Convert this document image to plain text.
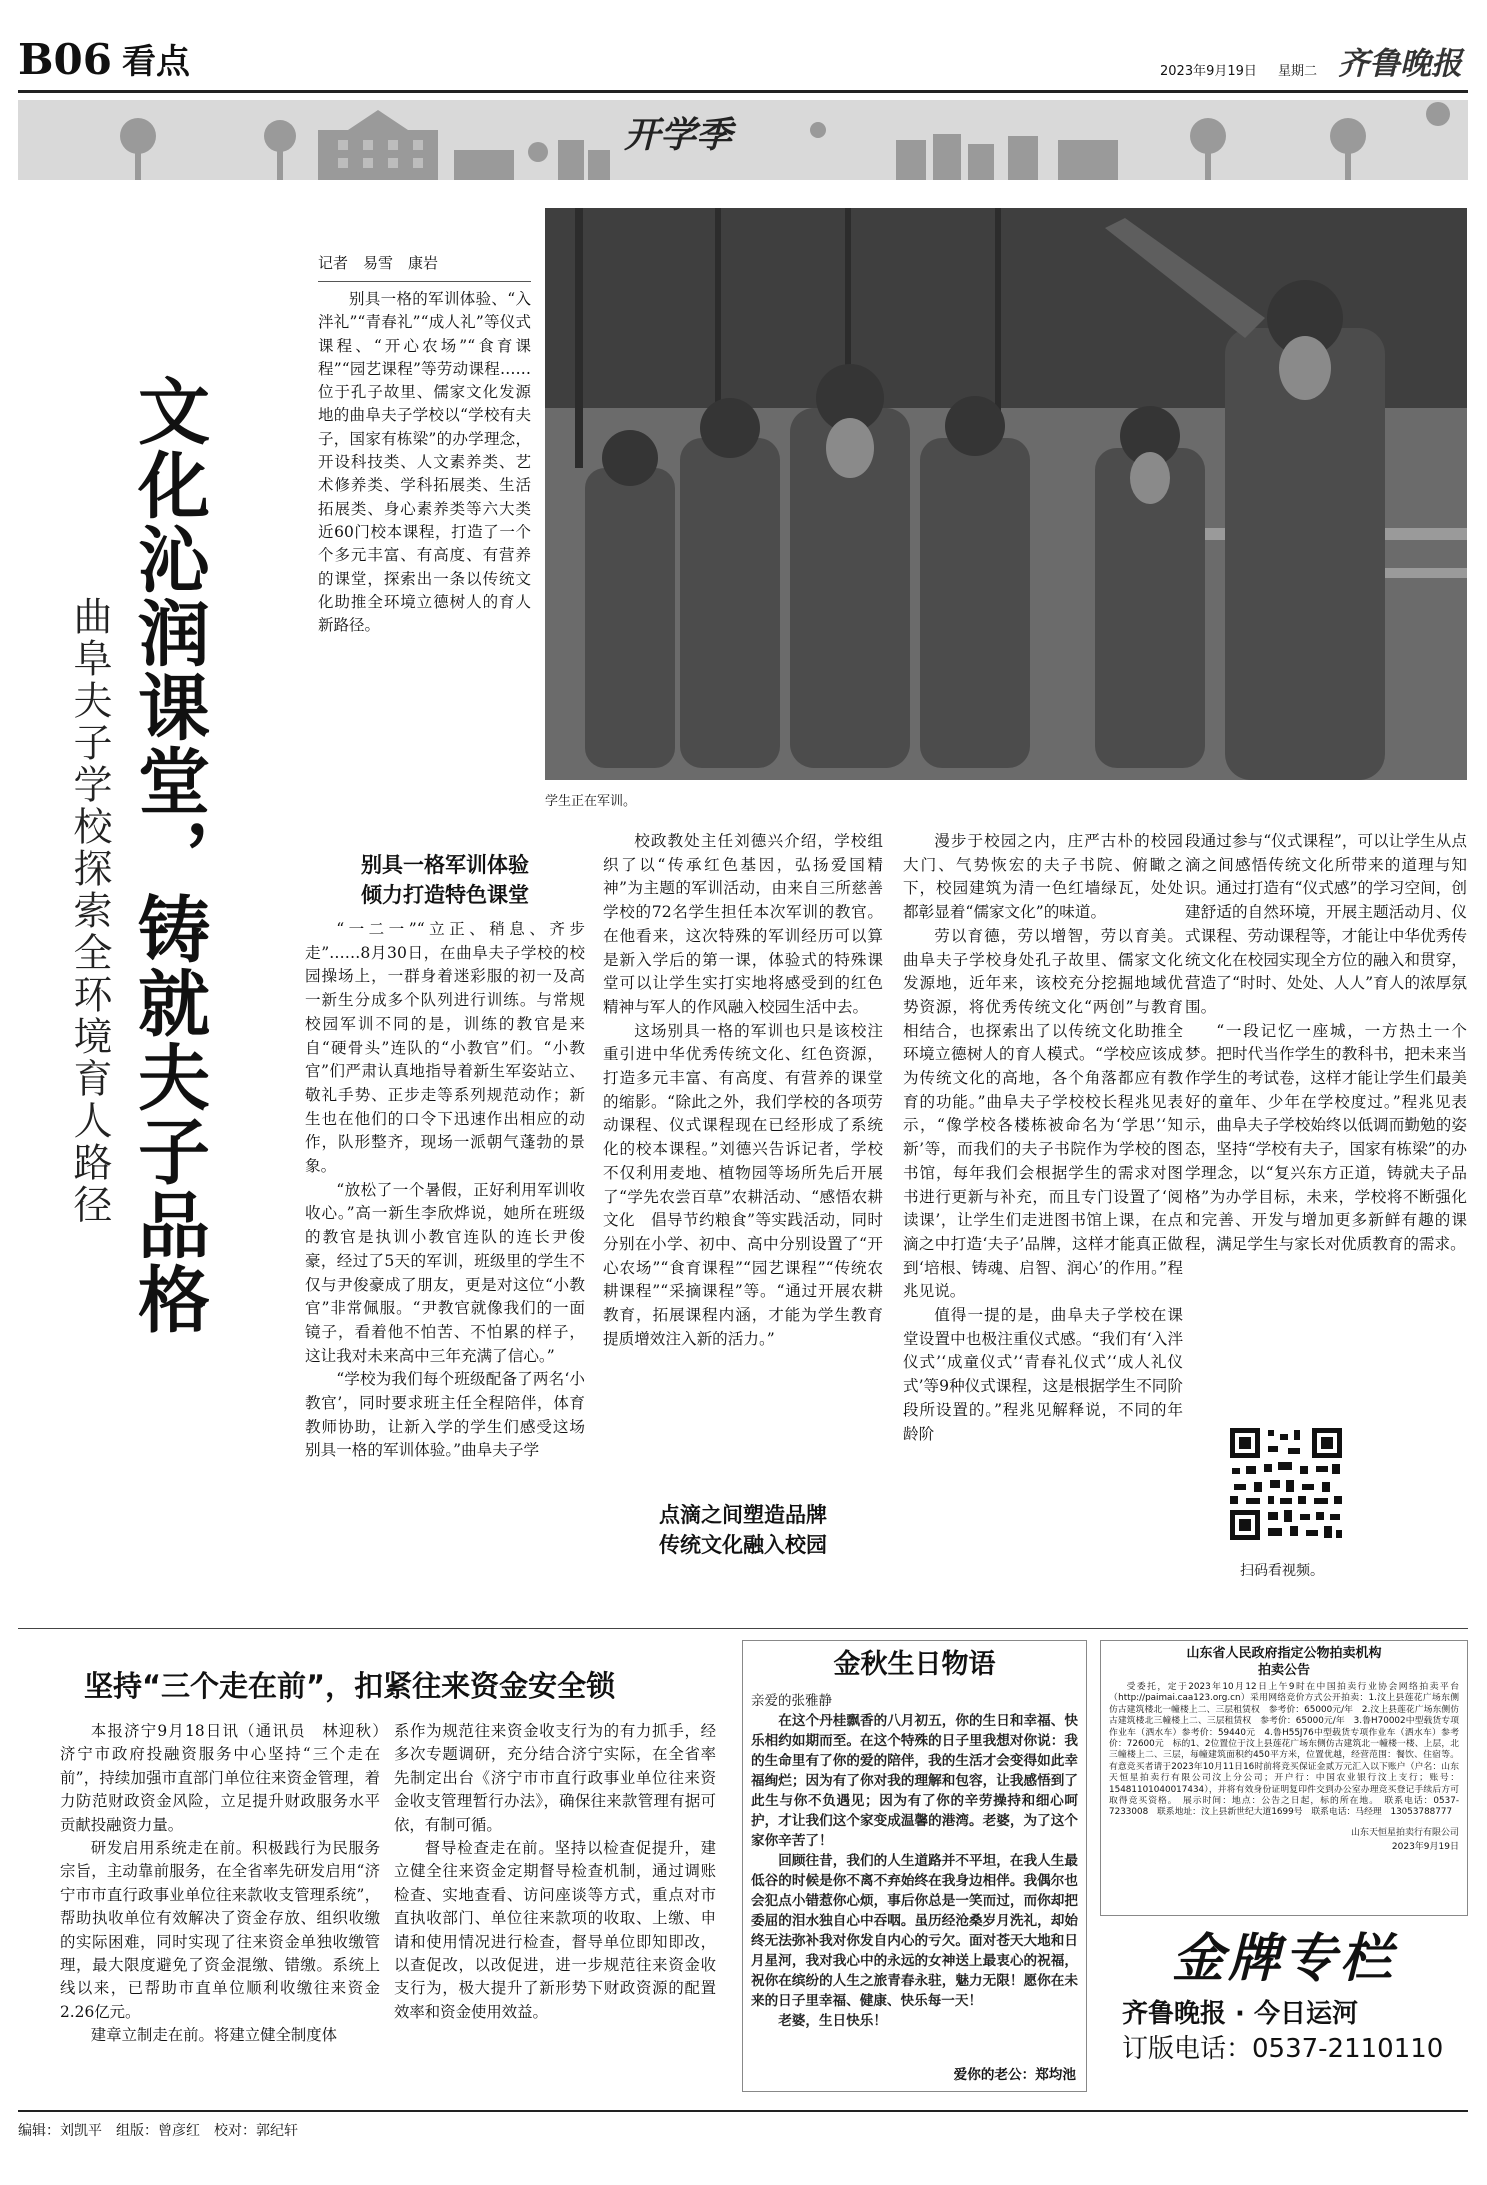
B06 看点	2023年9月19日 星期二 齐鲁晚报
开学季
文化沁润课堂，铸就夫子品格
曲阜夫子学校探索全环境育人路径
记者　易雪　康岩

别具一格的军训体验、“入泮礼”“青春礼”“成人礼”等仪式课程、“开心农场”“食育课程”“园艺课程”等劳动课程……位于孔子故里、儒家文化发源地的曲阜夫子学校以“学校有夫子，国家有栋梁”的办学理念，开设科技类、人文素养类、艺术修养类、学科拓展类、生活拓展类、身心素养类等六大类近60门校本课程，打造了一个个多元丰富、有高度、有营养的课堂，探索出一条以传统文化助推全环境立德树人的育人新路径。

学生正在军训。
别具一格军训体验
倾力打造特色课堂

“一二一”“立正、稍息、齐步走”……8月30日，在曲阜夫子学校的校园操场上，一群身着迷彩服的初一及高一新生分成多个队列进行训练。与常规校园军训不同的是，训练的教官是来自“硬骨头”连队的“小教官”们。“小教官”们严肃认真地指导着新生军姿站立、敬礼手势、正步走等系列规范动作；新生也在他们的口令下迅速作出相应的动作，队形整齐，现场一派朝气蓬勃的景象。

“放松了一个暑假，正好利用军训收收心。”高一新生李欣烨说，她所在班级的教官是执训小教官连队的连长尹俊豪，经过了5天的军训，班级里的学生不仅与尹俊豪成了朋友，更是对这位“小教官”非常佩服。“尹教官就像我们的一面镜子，看着他不怕苦、不怕累的样子，这让我对未来高中三年充满了信心。”

“学校为我们每个班级配备了两名‘小教官’，同时要求班主任全程陪伴，体育教师协助，让新入学的学生们感受这场别具一格的军训体验。”曲阜夫子学

校政教处主任刘德兴介绍，学校组织了以“传承红色基因，弘扬爱国精神”为主题的军训活动，由来自三所慈善学校的72名学生担任本次军训的教官。在他看来，这次特殊的军训经历可以算是新入学后的第一课，体验式的特殊课堂可以让学生实打实地将感受到的红色精神与军人的作风融入校园生活中去。

这场别具一格的军训也只是该校注重引进中华优秀传统文化、红色资源，打造多元丰富、有高度、有营养的课堂的缩影。“除此之外，我们学校的各项劳动课程、仪式课程现在已经形成了系统化的校本课程。”刘德兴告诉记者，学校不仅利用麦地、植物园等场所先后开展了“学先农尝百草”农耕活动、“感悟农耕文化　倡导节约粮食”等实践活动，同时分别在小学、初中、高中分别设置了“开心农场”“食育课程”“园艺课程”“传统农耕课程”“采摘课程”等。“通过开展农耕教育，拓展课程内涵，才能为学生教育提质增效注入新的活力。”

点滴之间塑造品牌
传统文化融入校园

漫步于校园之内，庄严古朴的校园大门、气势恢宏的夫子书院、俯瞰之下，校园建筑为清一色红墙绿瓦，处处都彰显着“儒家文化”的味道。

劳以育德，劳以增智，劳以育美。曲阜夫子学校身处孔子故里、儒家文化发源地，近年来，该校充分挖掘地域优势资源，将优秀传统文化“两创”与教育相结合，也探索出了以传统文化助推全环境立德树人的育人模式。“学校应该成为传统文化的高地，各个角落都应有教育的功能。”曲阜夫子学校校长程兆见表示，“像学校各楼栋被命名为‘学思’‘知新’等，而我们的夫子书院作为学校的图书馆，每年我们会根据学生的需求对图书进行更新与补充，而且专门设置了‘阅读课’，让学生们走进图书馆上课，在点滴之中打造‘夫子’品牌，这样才能真正做到‘培根、铸魂、启智、润心’的作用。”程兆见说。

值得一提的是，曲阜夫子学校在课堂设置中也极注重仪式感。“我们有‘入泮仪式’‘成童仪式’‘青春礼仪式’‘成人礼仪式’等9种仪式课程，这是根据学生不同阶段所设置的。”程兆见解释说，不同的年龄阶

段通过参与“仪式课程”，可以让学生从点滴之间感悟传统文化所带来的道理与知识。通过打造有“仪式感”的学习空间，创建舒适的自然环境，开展主题活动月、仪式课程、劳动课程等，才能让中华优秀传统文化在校园实现全方位的融入和贯穿，营造了“时时、处处、人人”育人的浓厚氛围。

“一段记忆一座城，一方热土一个梦。把时代当作学生的教科书，把未来当作学生的考试卷，这样才能让学生们最美好的童年、少年在学校度过。”程兆见表示，曲阜夫子学校始终以低调而勤勉的姿态，坚持“学校有夫子，国家有栋梁”的办学理念，以“复兴东方正道，铸就夫子品格”为办学目标，未来，学校将不断强化和完善、开发与增加更多新鲜有趣的课程，满足学生与家长对优质教育的需求。

扫码看视频。
坚持“三个走在前”，扣紧往来资金安全锁

本报济宁9月18日讯（通讯员　林迎秋）　济宁市政府投融资服务中心坚持“三个走在前”，持续加强市直部门单位往来资金管理，着力防范财政资金风险，立足提升财政服务水平贡献投融资力量。

研发启用系统走在前。积极践行为民服务宗旨，主动靠前服务，在全省率先研发启用“济宁市市直行政事业单位往来款收支管理系统”，帮助执收单位有效解决了资金存放、组织收缴的实际困难，同时实现了往来资金单独收缴管理，最大限度避免了资金混缴、错缴。系统上线以来，已帮助市直单位顺利收缴往来资金2.26亿元。

建章立制走在前。将建立健全制度体

系作为规范往来资金收支行为的有力抓手，经多次专题调研，充分结合济宁实际，在全省率先制定出台《济宁市市直行政事业单位往来资金收支管理暂行办法》，确保往来款管理有据可依，有制可循。

督导检查走在前。坚持以检查促提升，建立健全往来资金定期督导检查机制，通过调账检查、实地查看、访问座谈等方式，重点对市直执收部门、单位往来款项的收取、上缴、申请和使用情况进行检查，督导单位即知即改，以查促改，以改促进，进一步规范往来资金收支行为，极大提升了新形势下财政资源的配置效率和资金使用效益。

金秋生日物语
亲爱的张雅静

在这个丹桂飘香的八月初五，你的生日和幸福、快乐相约如期而至。在这个特殊的日子里我想对你说：我的生命里有了你的爱的陪伴，我的生活才会变得如此幸福绚烂；因为有了你对我的理解和包容，让我感悟到了此生与你不负遇见；因为有了你的辛劳操持和细心呵护，才让我们这个家变成温馨的港湾。老婆，为了这个家你辛苦了！

回顾往昔，我们的人生道路并不平坦，在我人生最低谷的时候是你不离不弃始终在我身边相伴。我偶尔也会犯点小错惹你心烦，事后你总是一笑而过，而你却把委屈的泪水独自心中吞咽。虽历经沧桑岁月洗礼，却始终无法弥补我对你发自内心的亏欠。面对苍天大地和日月星河，我对我心中的永远的女神送上最衷心的祝福，祝你在缤纷的人生之旅青春永驻，魅力无限！愿你在未来的日子里幸福、健康、快乐每一天！

老婆，生日快乐！

爱你的老公：郑均池
山东省人民政府指定公物拍卖机构
拍卖公告
受委托，定于2023年10月12日上午9时在中国拍卖行业协会网络拍卖平台（http://paimai.caa123.org.cn）采用网络竞价方式公开拍卖：1.汶上县莲花广场东侧仿古建筑楼北一幢楼上二、三层租赁权　参考价：65000元/年　2.汶上县莲花广场东侧仿古建筑楼北三幢楼上二、三层租赁权　参考价：65000元/年　3.鲁H70002中型载货专项作业车（洒水车）参考价：59440元　4.鲁H55J76中型载货专项作业车（洒水车）参考价：72600元　标的1、2位置位于汶上县莲花广场东侧仿古建筑北一幢楼一楼、上层，北三幢楼上二、三层，每幢建筑面积约450平方米，位置优越，经营范围：餐饮、住宿等。有意竞买者请于2023年10月11日16时前将竞买保证金贰万元汇入以下账户（户名：山东天恒星拍卖行有限公司汶上分公司；开户行：中国农业银行汶上支行；账号：15481101040017434），并将有效身份证明复印件交到办公室办理竞买登记手续后方可取得竞买资格。　展示时间：地点：公告之日起，标的所在地。　联系电话：0537-7233008　联系地址：汶上县新世纪大道1699号　联系电话：马经理　13053788777
山东天恒星拍卖行有限公司
2023年9月19日
金牌专栏
齐鲁晚报 · 今日运河
订版电话：0537-2110110
编辑：刘凯平　组版：曾彦红　校对：郭纪轩
